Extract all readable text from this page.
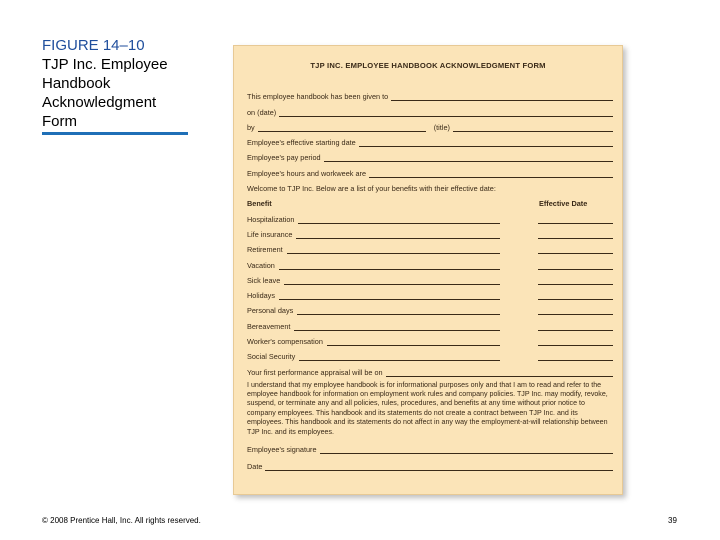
FIGURE 14–10
TJP Inc. Employee Handbook Acknowledgment Form
TJP INC. EMPLOYEE HANDBOOK ACKNOWLEDGMENT FORM
This employee handbook has been given to
on (date)
by	(title)
Employee's effective starting date
Employee's pay period
Employee's hours and workweek are
Welcome to TJP Inc. Below are a list of your benefits with their effective date:
Benefit	Effective Date
Hospitalization
Life insurance
Retirement
Vacation
Sick leave
Holidays
Personal days
Bereavement
Worker's compensation
Social Security
Your first performance appraisal will be on
I understand that my employee handbook is for informational purposes only and that I am to read and refer to the employee handbook for information on employment work rules and company policies. TJP Inc. may modify, revoke, suspend, or terminate any and all policies, rules, procedures, and benefits at any time without prior notice to company employees. This handbook and its statements do not create a contract between TJP Inc. and its employees. This handbook and its statements do not affect in any way the employment-at-will relationship between TJP Inc. and its employees.
Employee's signature
Date
© 2008 Prentice Hall, Inc. All rights reserved.	39
